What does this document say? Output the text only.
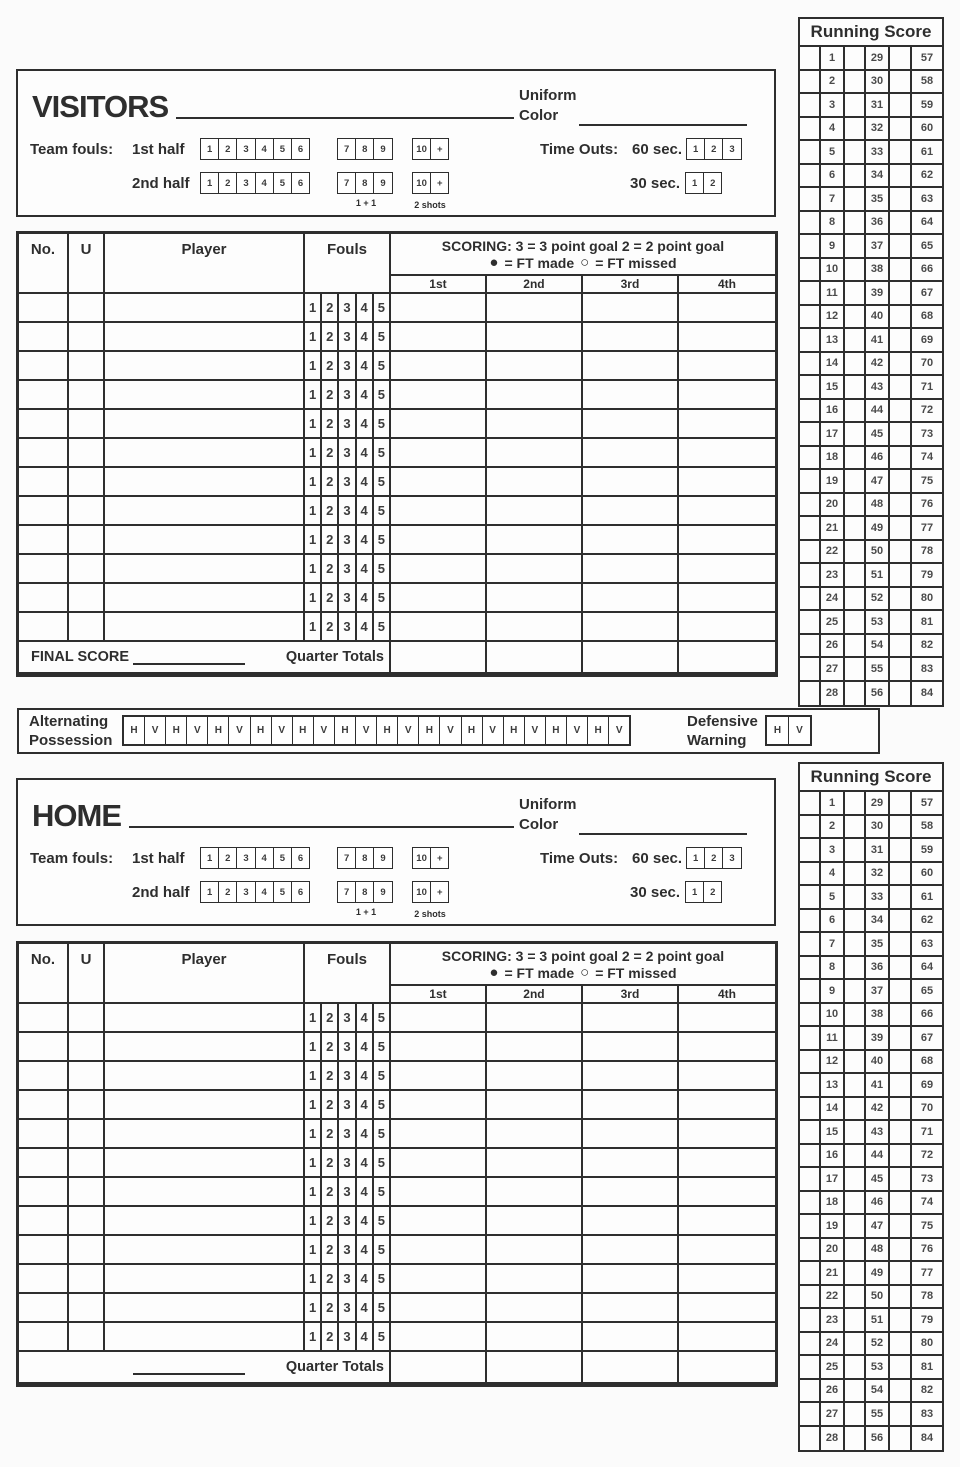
VISITORS	Uniform
Color
Team fouls: 1st half	1	2	3	4	5	6	7	8	9	10	+
2nd half	1	2	3	4	5	6	7	8	9	10	+
1 + 1	2 shots
Time Outs: 60 sec.	1	2	3
30 sec.	1	2
No.	U	Player	Fouls	SCORING: 3 = 3 point goal 2 = 2 point goal
● = FT made ○ = FT missed
1st	2nd	3rd	4th
1 2 3 4 5
1 2 3 4 5
1 2 3 4 5
1 2 3 4 5
1 2 3 4 5
1 2 3 4 5
1 2 3 4 5
1 2 3 4 5
1 2 3 4 5
1 2 3 4 5
1 2 3 4 5
1 2 3 4 5
FINAL SCORE	Quarter Totals
Running Score
1	29	57
2	30	58
3	31	59
4	32	60
5	33	61
6	34	62
7	35	63
8	36	64
9	37	65
10	38	66
11	39	67
12	40	68
13	41	69
14	42	70
15	43	71
16	44	72
17	45	73
18	46	74
19	47	75
20	48	76
21	49	77
22	50	78
23	51	79
24	52	80
25	53	81
26	54	82
27	55	83
28	56	84
Alternating
Possession
H	V	H	V	H	V	H	V	H	V	H	V	H	V	H	V	H	V	H	V	H	V	H	V
Defensive
Warning
H	V
HOME	Uniform
Color
Team fouls: 1st half	1	2	3	4	5	6	7	8	9	10	+
2nd half	1	2	3	4	5	6	7	8	9	10	+
1 + 1	2 shots
Time Outs: 60 sec.	1	2	3
30 sec.	1	2
No.	U	Player	Fouls	SCORING: 3 = 3 point goal 2 = 2 point goal
● = FT made ○ = FT missed
1st	2nd	3rd	4th
1 2 3 4 5
1 2 3 4 5
1 2 3 4 5
1 2 3 4 5
1 2 3 4 5
1 2 3 4 5
1 2 3 4 5
1 2 3 4 5
1 2 3 4 5
1 2 3 4 5
1 2 3 4 5
1 2 3 4 5
Quarter Totals
Running Score
1	29	57
2	30	58
3	31	59
4	32	60
5	33	61
6	34	62
7	35	63
8	36	64
9	37	65
10	38	66
11	39	67
12	40	68
13	41	69
14	42	70
15	43	71
16	44	72
17	45	73
18	46	74
19	47	75
20	48	76
21	49	77
22	50	78
23	51	79
24	52	80
25	53	81
26	54	82
27	55	83
28	56	84
